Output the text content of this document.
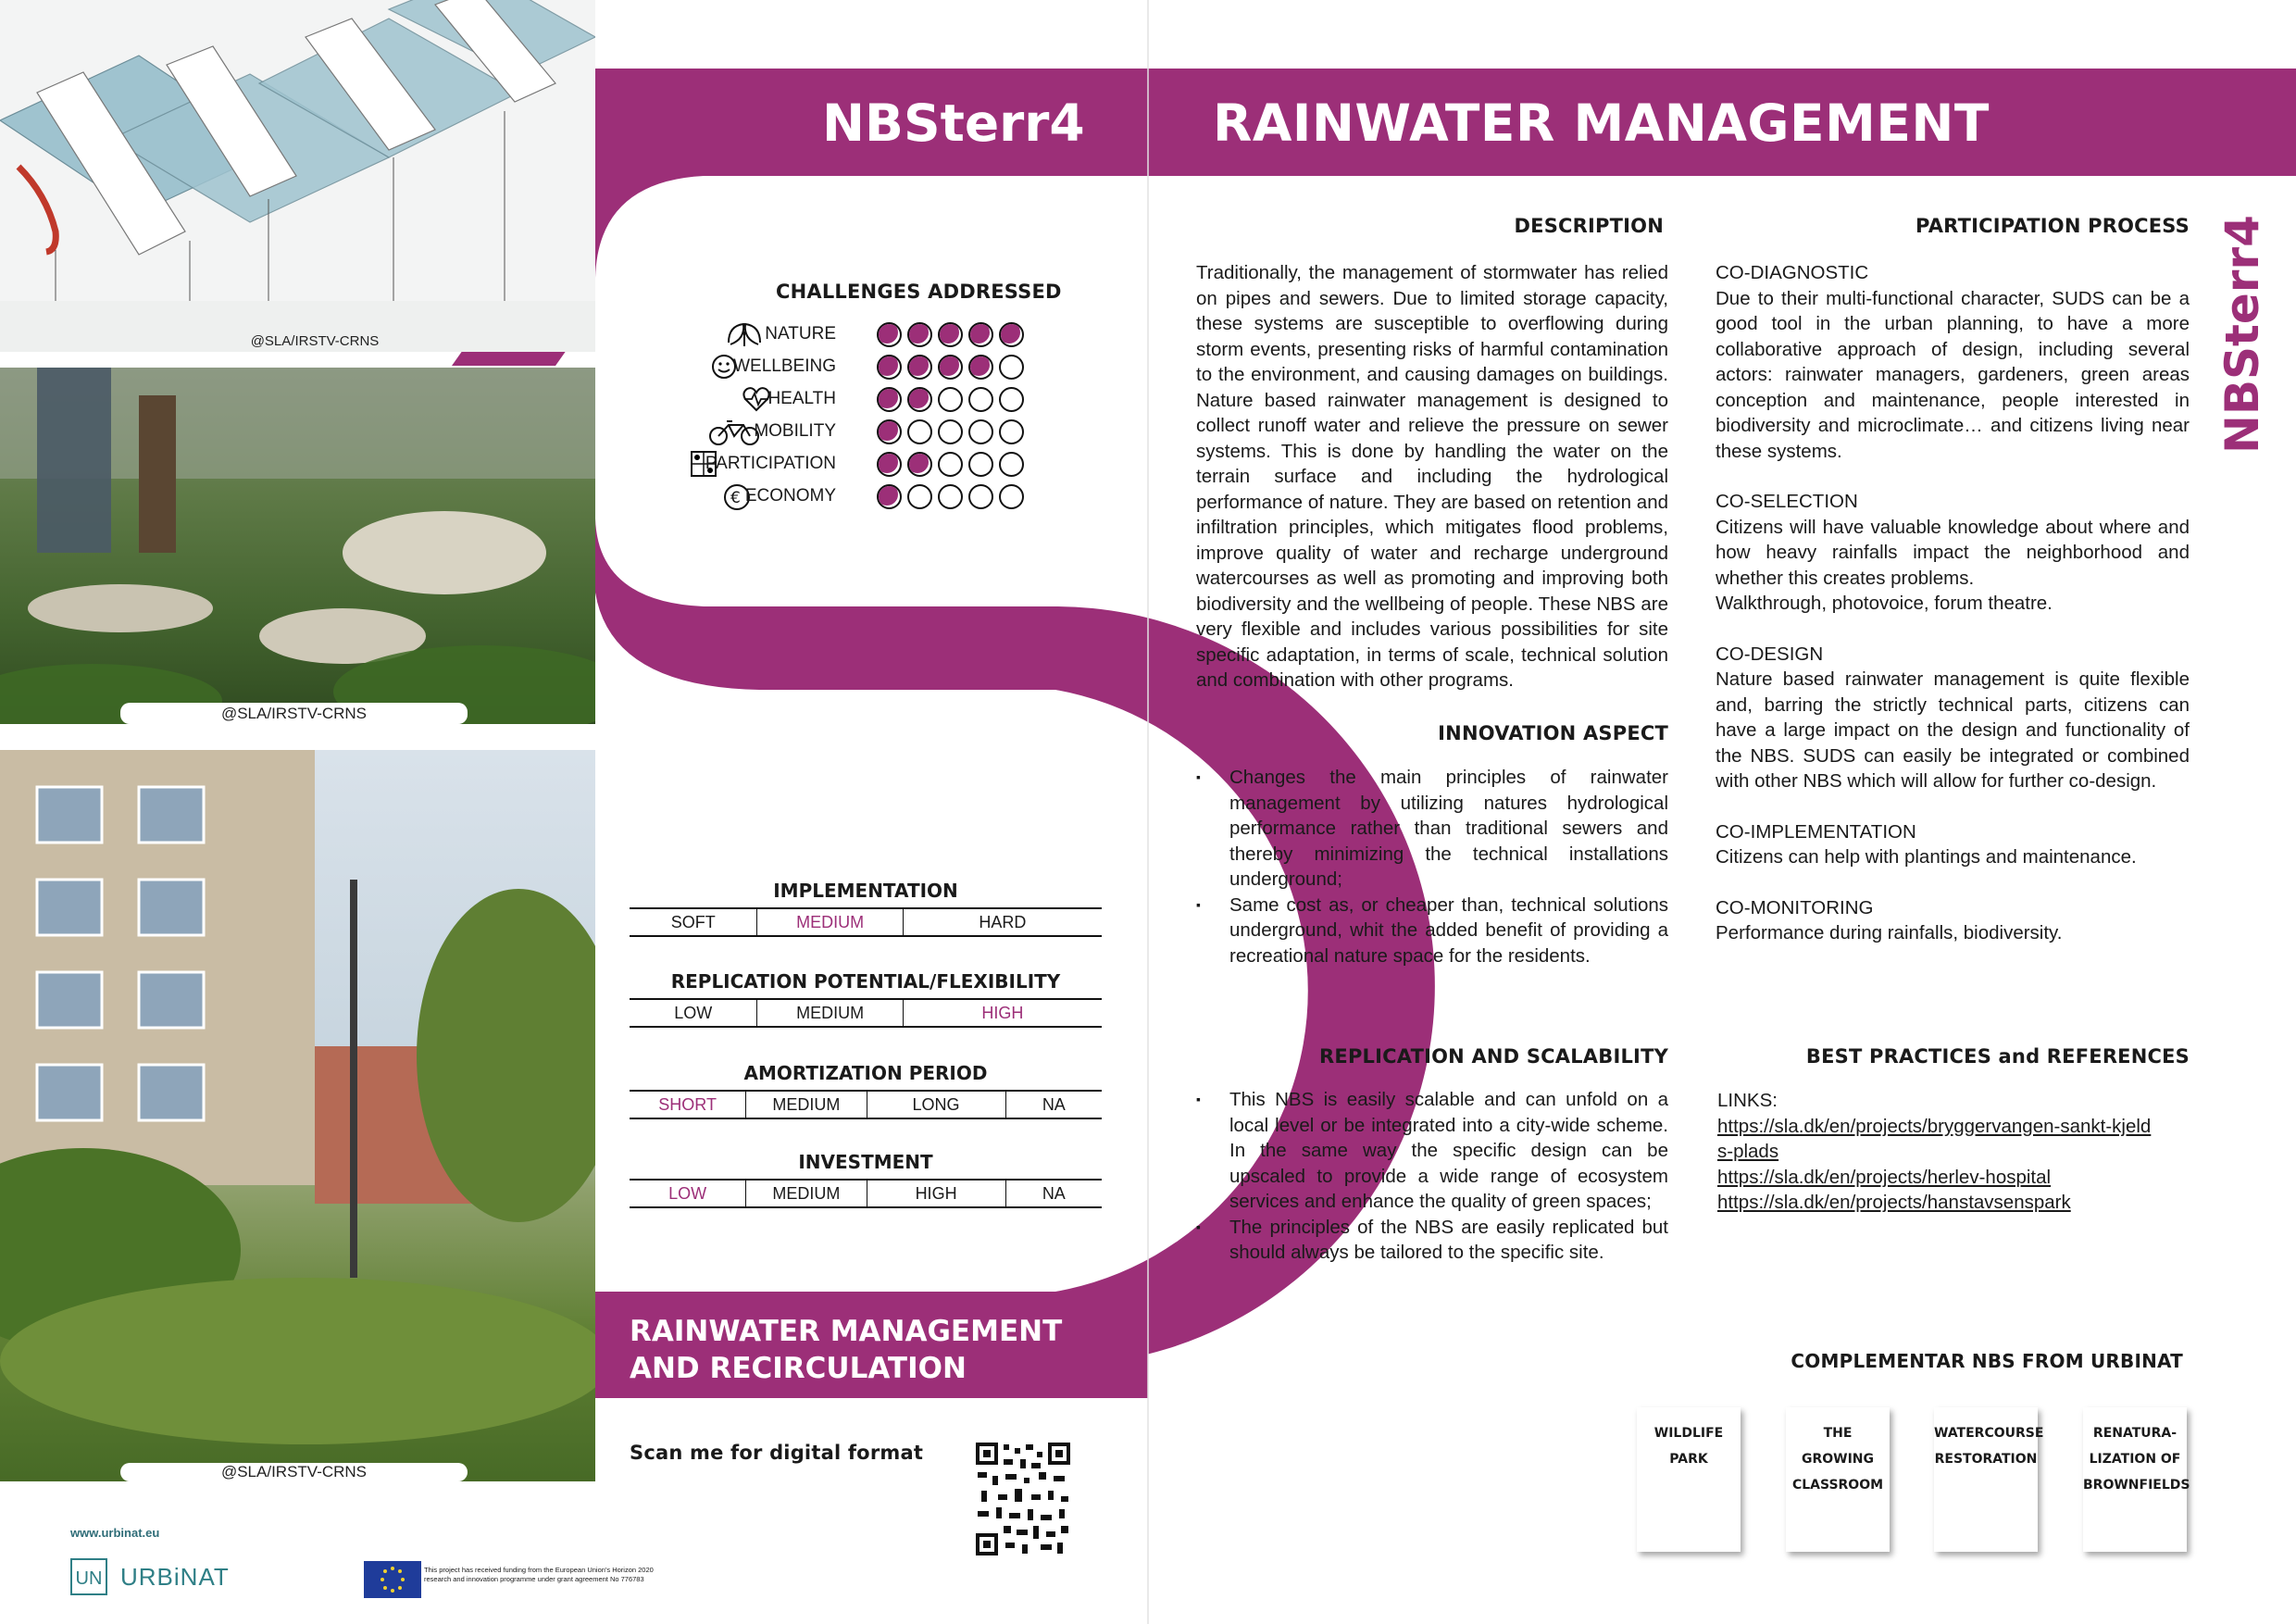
@SLA/IRSTV-CRNS
@SLA/IRSTV-CRNS
@SLA/IRSTV-CRNS
www.urbinat.eu
UN URBiNAT	This project has received funding from the European Union's Horizon 2020 research and innovation programme under grant agreement No 776783
NBSterr4	RAINWATER MANAGEMENT
NBSterr4
CHALLENGES ADDRESSED
NATURE
WELLBEING
HEALTH
MOBILITY
PARTICIPATION
€ ECONOMY
IMPLEMENTATION
SOFT	MEDIUM	HARD
REPLICATION POTENTIAL/FLEXIBILITY
LOW	MEDIUM	HIGH
AMORTIZATION PERIOD
SHORT	MEDIUM	LONG	NA
INVESTMENT
LOW	MEDIUM	HIGH	NA
RAINWATER MANAGEMENT
AND RECIRCULATION
Scan me for digital format
DESCRIPTION
Traditionally, the management of stormwater has relied on pipes and sewers. Due to limited storage capacity, these systems are susceptible to overflowing during storm events, presenting risks of harmful contamination to the environment, and causing damages on buildings. Nature based rainwater management is designed to collect runoff water and relieve the pressure on sewer systems. This is done by handling the water on the terrain surface and including the hydrological performance of nature. They are based on retention and infiltration principles, which mitigates flood problems, improve quality of water and recharge underground watercourses as well as promoting and improving both biodiversity and the wellbeing of people. These NBS are very flexible and includes various possibilities for site specific adaptation, in terms of scale, technical solution and combination with other programs.
INNOVATION ASPECT
▪ Changes the main principles of rainwater management by utilizing natures hydrological performance rather than traditional sewers and thereby minimizing the technical installations underground;
▪ Same cost as, or cheaper than, technical solutions underground, whit the added benefit of providing a recreational nature space for the residents.
REPLICATION AND SCALABILITY
▪ This NBS is easily scalable and can unfold on a local level or be integrated into a city-wide scheme. In the same way the specific design can be upscaled to provide a wide range of ecosystem services and enhance the quality of green spaces;
▪ The principles of the NBS are easily replicated but should always be tailored to the specific site.
PARTICIPATION PROCESS
CO-DIAGNOSTIC
Due to their multi-functional character, SUDS can be a good tool in the urban planning, to have a more collaborative approach of design, including several actors: rainwater managers, gardeners, green areas conception and maintenance, people interested in biodiversity and microclimate… and citizens living near these systems.
CO-SELECTION
Citizens will have valuable knowledge about where and how heavy rainfalls impact the neighborhood and whether this creates problems.
Walkthrough, photovoice, forum theatre.
CO-DESIGN
Nature based rainwater management is quite flexible and, barring the strictly technical parts, citizens can have a large impact on the design and functionality of the NBS. SUDS can easily be integrated or combined with other NBS which will allow for further co-design.
CO-IMPLEMENTATION
Citizens can help with plantings and maintenance.
CO-MONITORING
Performance during rainfalls, biodiversity.
BEST PRACTICES and REFERENCES
LINKS:
https://sla.dk/en/projects/bryggervangen-sankt-kjelds-plads
https://sla.dk/en/projects/herlev-hospital
https://sla.dk/en/projects/hanstavsenspark
COMPLEMENTAR NBS FROM URBINAT
WILDLIFE
PARK
THE GROWING
CLASSROOM
WATERCOURSE
RESTORATION
RENATURA-
LIZATION OF
BROWNFIELDS
